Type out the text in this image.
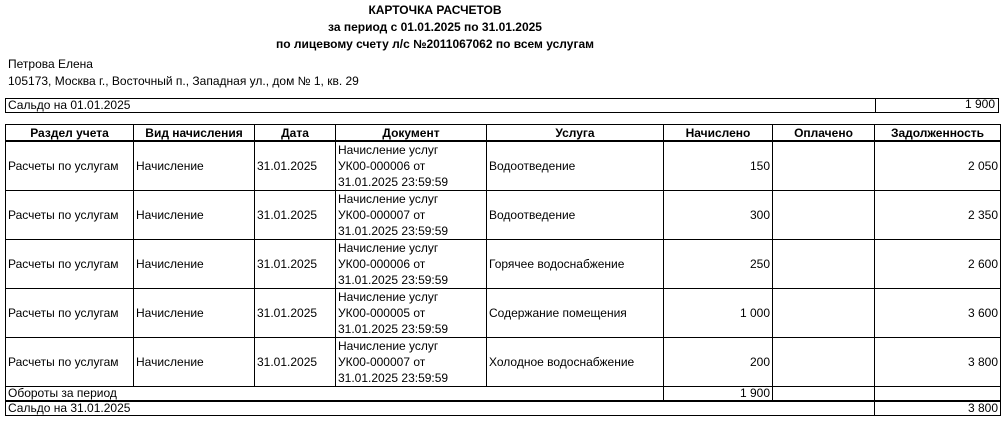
КАРТОЧКА РАСЧЕТОВ
за период с 01.01.2025 по 31.01.2025
по лицевому счету л/с №2011067062 по всем услугам
Петрова Елена
105173, Москва г., Восточный п., Западная ул., дом № 1, кв. 29
Сальдо на 01.01.2025	1 900
Раздел учета	Вид начисления	Дата	Документ	Услуга	Начислено	Оплачено	Задолженность
Расчеты по услугам	Начисление	31.01.2025	Начисление услуг
УК00-000006 от
31.01.2025 23:59:59	Водоотведение	150		2 050
Расчеты по услугам	Начисление	31.01.2025	Начисление услуг
УК00-000007 от
31.01.2025 23:59:59	Водоотведение	300		2 350
Расчеты по услугам	Начисление	31.01.2025	Начисление услуг
УК00-000006 от
31.01.2025 23:59:59	Горячее водоснабжение	250		2 600
Расчеты по услугам	Начисление	31.01.2025	Начисление услуг
УК00-000005 от
31.01.2025 23:59:59	Содержание помещения	1 000		3 600
Расчеты по услугам	Начисление	31.01.2025	Начисление услуг
УК00-000007 от
31.01.2025 23:59:59	Холодное водоснабжение	200		3 800
Обороты за период					1 900		
Сальдо на 31.01.2025							3 800
